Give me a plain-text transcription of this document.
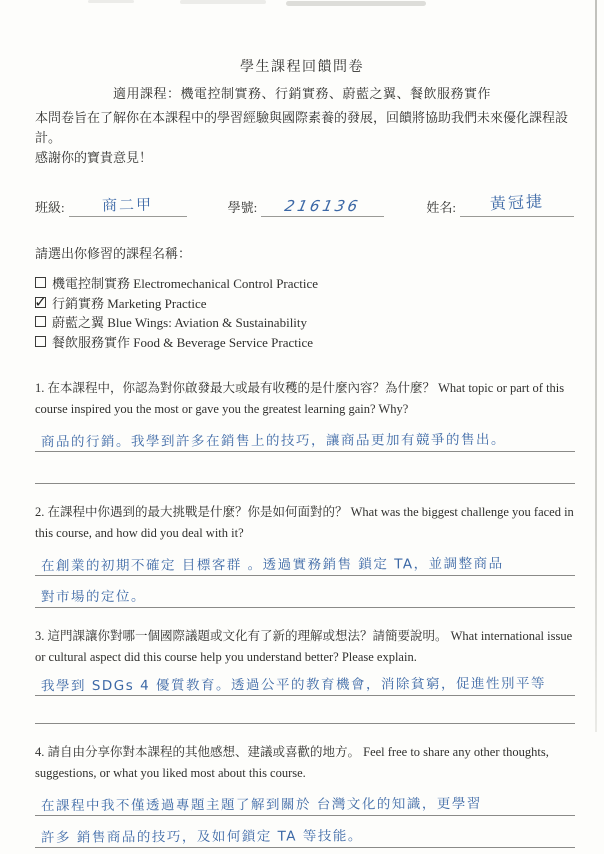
學生課程回饋問卷
適用課程：機電控制實務、行銷實務、蔚藍之翼、餐飲服務實作
本問卷旨在了解你在本課程中的學習經驗與國際素養的發展，回饋將協助我們未來優化課程設計。
感謝你的寶貴意見！
班級:	商二甲	學號:	216136	姓名:	黃冠捷
請選出你修習的課程名稱：
機電控制實務 Electromechanical Control Practice
✓ 行銷實務 Marketing Practice
蔚藍之翼 Blue Wings: Aviation & Sustainability
餐飲服務實作 Food & Beverage Service Practice
1. 在本課程中，你認為對你啟發最大或最有收穫的是什麼內容？為什麼？ What topic or part of this course inspired you the most or gave you the greatest learning gain? Why?
商品的行銷。我學到許多在銷售上的技巧，讓商品更加有競爭的售出。
2. 在課程中你遇到的最大挑戰是什麼？你是如何面對的？ What was the biggest challenge you faced in this course, and how did you deal with it?
在創業的初期不確定 目標客群 。透過實務銷售 鎖定 TA，並調整商品
對市場的定位。
3. 這門課讓你對哪一個國際議題或文化有了新的理解或想法？請簡要說明。 What international issue or cultural aspect did this course help you understand better? Please explain.
我學到 SDGs 4 優質教育。透過公平的教育機會，消除貧窮，促進性別平等
4. 請自由分享你對本課程的其他感想、建議或喜歡的地方。 Feel free to share any other thoughts, suggestions, or what you liked most about this course.
在課程中我不僅透過專題主題了解到關於 台灣文化的知識，更學習
許多 銷售商品的技巧，及如何鎖定 TA 等技能。
